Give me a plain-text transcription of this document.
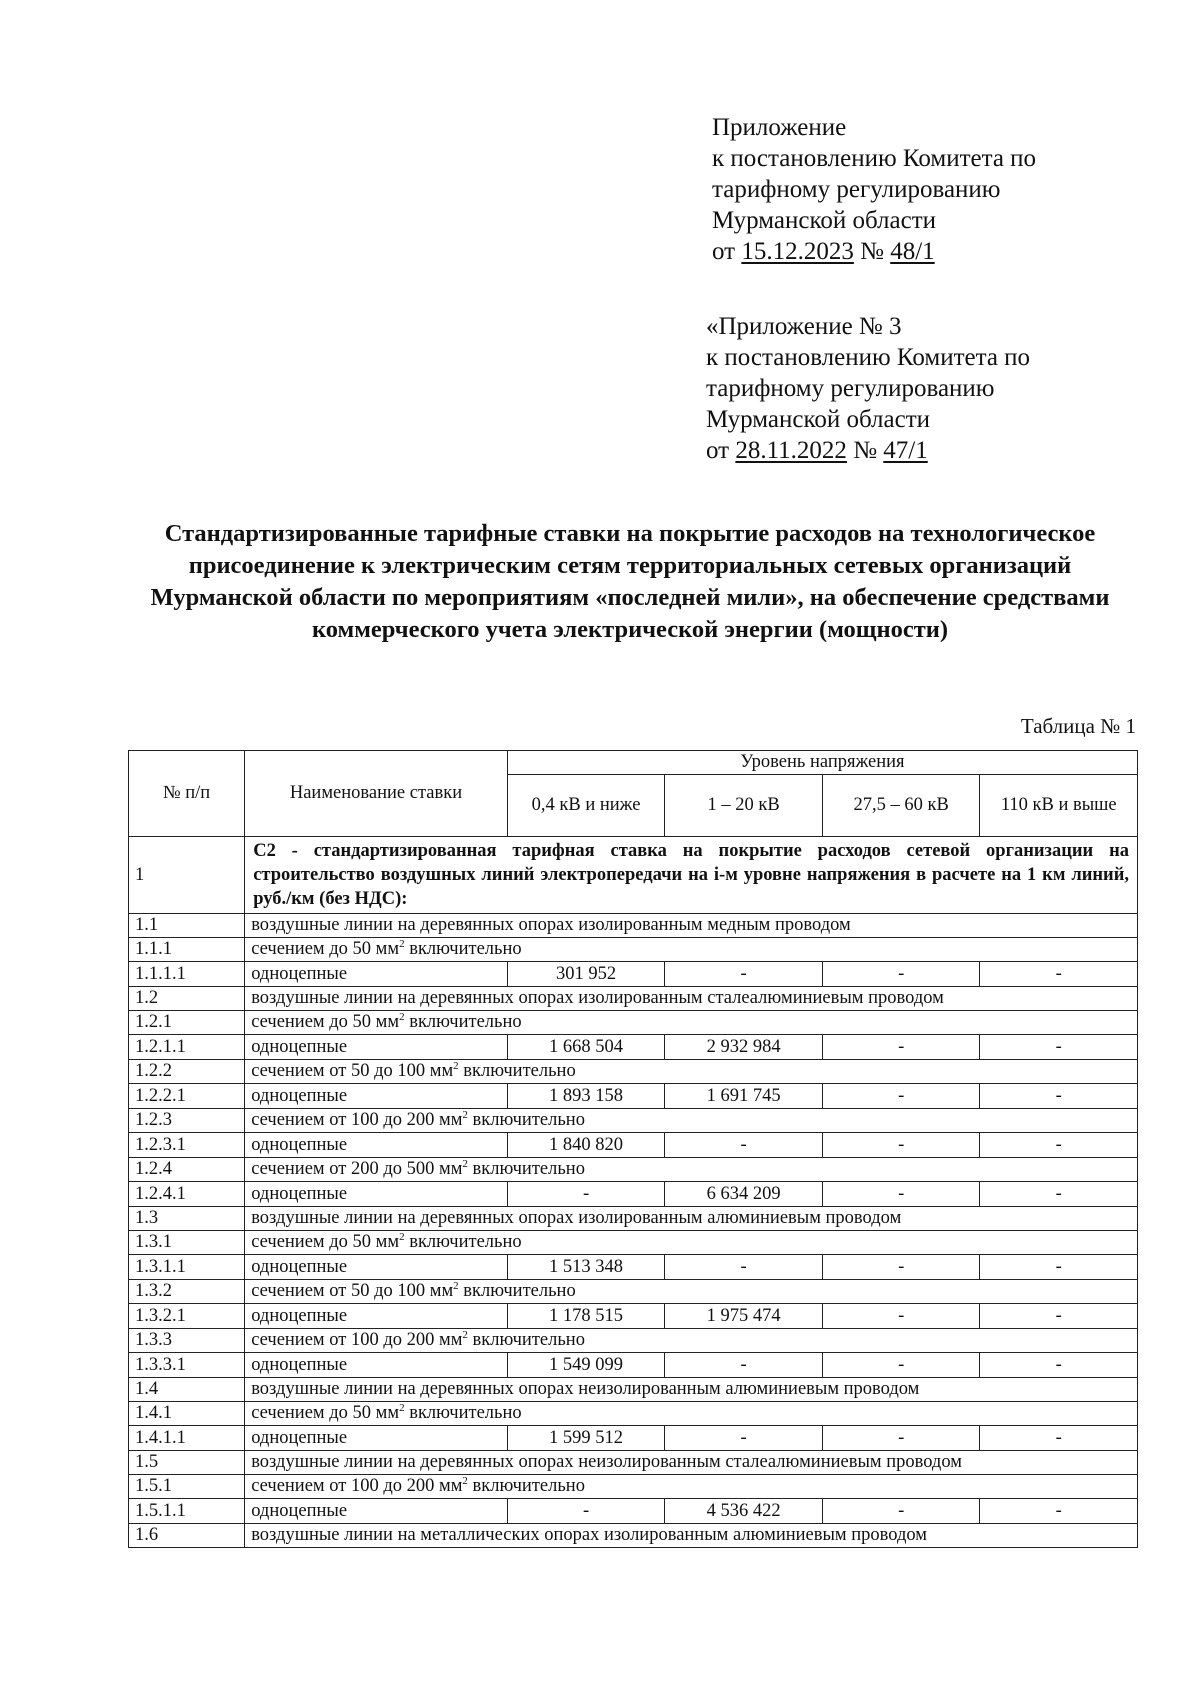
Приложение
к постановлению Комитета по
тарифному регулированию
Мурманской области
от 15.12.2023 № 48/1
«Приложение № 3
к постановлению Комитета по
тарифному регулированию
Мурманской области
от 28.11.2022 № 47/1
Стандартизированные тарифные ставки на покрытие расходов на технологическое присоединение к электрическим сетям территориальных сетевых организаций Мурманской области по мероприятиям «последней мили», на обеспечение средствами коммерческого учета электрической энергии (мощности)
Таблица № 1
№ п/п	Наименование ставки	Уровень напряжения			
		0,4 кВ и ниже	1 – 20 кВ	27,5 – 60 кВ	110 кВ и выше
1	С2 - стандартизированная тарифная ставка на покрытие расходов сетевой организации на строительство воздушных линий электропередачи на i-м уровне напряжения в расчете на 1 км линий, руб./км (без НДС):				
1.1	воздушные линии на деревянных опорах изолированным медным проводом				
1.1.1	сечением до 50 $мм^2$ включительно				
1.1.1.1	одноцепные	301 952	-	-	-
1.2	воздушные линии на деревянных опорах изолированным сталеалюминиевым проводом				
1.2.1	сечением до 50 $мм^2$ включительно				
1.2.1.1	одноцепные	1 668 504	2 932 984	-	-
1.2.2	сечением от 50 до 100 $мм^2$ включительно				
1.2.2.1	одноцепные	1 893 158	1 691 745	-	-
1.2.3	сечением от 100 до 200 $мм^2$ включительно				
1.2.3.1	одноцепные	1 840 820	-	-	-
1.2.4	сечением от 200 до 500 $мм^2$ включительно				
1.2.4.1	одноцепные	-	6 634 209	-	-
1.3	воздушные линии на деревянных опорах изолированным алюминиевым проводом				
1.3.1	сечением до 50 $мм^2$ включительно				
1.3.1.1	одноцепные	1 513 348	-	-	-
1.3.2	сечением от 50 до 100 $мм^2$ включительно				
1.3.2.1	одноцепные	1 178 515	1 975 474	-	-
1.3.3	сечением от 100 до 200 $мм^2$ включительно				
1.3.3.1	одноцепные	1 549 099	-	-	-
1.4	воздушные линии на деревянных опорах неизолированным алюминиевым проводом				
1.4.1	сечением до 50 $мм^2$ включительно				
1.4.1.1	одноцепные	1 599 512	-	-	-
1.5	воздушные линии на деревянных опорах неизолированным сталеалюминиевым проводом				
1.5.1	сечением от 100 до 200 $мм^2$ включительно				
1.5.1.1	одноцепные	-	4 536 422	-	-
1.6	воздушные линии на металлических опорах изолированным алюминиевым проводом				
